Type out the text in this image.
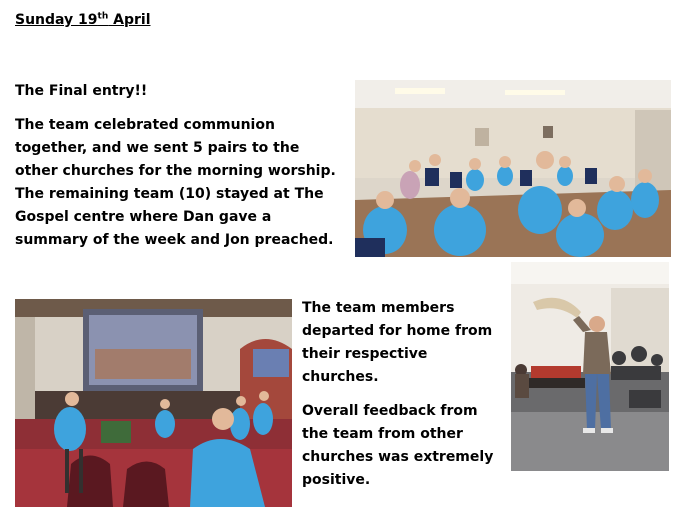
Sunday 19th April

The Final entry!!

The team celebrated communion together, and we sent 5 pairs to the other churches for the morning worship. The remaining team (10) stayed at The Gospel centre where Dan gave a summary of the week and Jon preached.

The team members departed for home from their respective churches.

Overall feedback from the team from other churches was extremely positive.
